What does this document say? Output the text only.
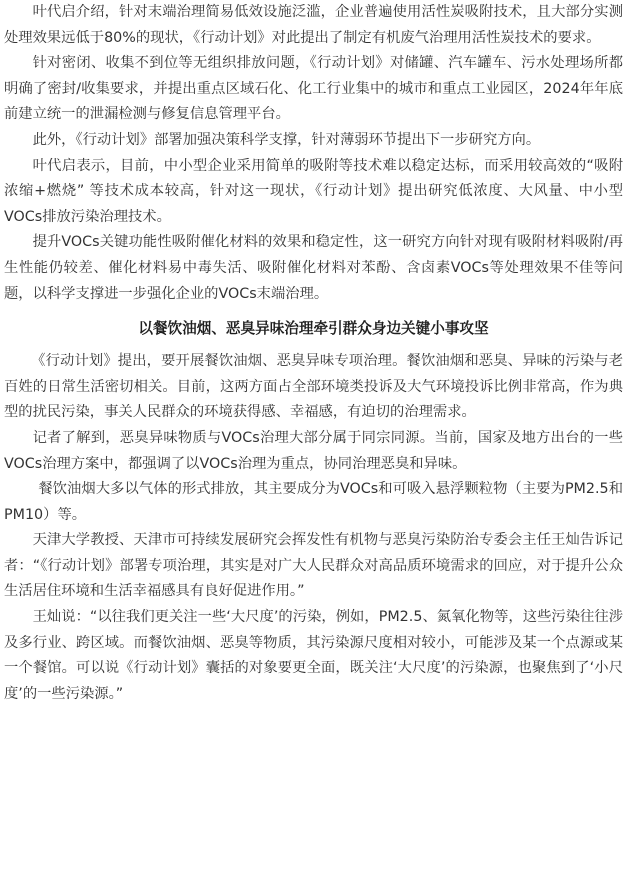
叶代启介绍，针对末端治理简易低效设施泛滥，企业普遍使用活性炭吸附技术，且大部分实测处理效果远低于80%的现状，《行动计划》对此提出了制定有机废气治理用活性炭技术的要求。

针对密闭、收集不到位等无组织排放问题，《行动计划》对储罐、汽车罐车、污水处理场所都明确了密封/收集要求，并提出重点区域石化、化工行业集中的城市和重点工业园区，2024年年底前建立统一的泄漏检测与修复信息管理平台。

此外，《行动计划》部署加强决策科学支撑，针对薄弱环节提出下一步研究方向。

叶代启表示，目前，中小型企业采用简单的吸附等技术难以稳定达标，而采用较高效的“吸附浓缩+燃烧” 等技术成本较高，针对这一现状，《行动计划》提出研究低浓度、大风量、中小型VOCs排放污染治理技术。

提升VOCs关键功能性吸附催化材料的效果和稳定性，这一研究方向针对现有吸附材料吸附/再生性能仍较差、催化材料易中毒失活、吸附催化材料对苯酚、含卤素VOCs等处理效果不佳等问题，以科学支撑进一步强化企业的VOCs末端治理。

以餐饮油烟、恶臭异味治理牵引群众身边关键小事攻坚

《行动计划》提出，要开展餐饮油烟、恶臭异味专项治理。餐饮油烟和恶臭、异味的污染与老百姓的日常生活密切相关。目前，这两方面占全部环境类投诉及大气环境投诉比例非常高，作为典型的扰民污染，事关人民群众的环境获得感、幸福感，有迫切的治理需求。

记者了解到，恶臭异味物质与VOCs治理大部分属于同宗同源。当前，国家及地方出台的一些VOCs治理方案中，都强调了以VOCs治理为重点，协同治理恶臭和异味。

餐饮油烟大多以气体的形式排放，其主要成分为VOCs和可吸入悬浮颗粒物（主要为PM2.5和PM10）等。

天津大学教授、天津市可持续发展研究会挥发性有机物与恶臭污染防治专委会主任王灿告诉记者：“《行动计划》部署专项治理，其实是对广大人民群众对高品质环境需求的回应，对于提升公众生活居住环境和生活幸福感具有良好促进作用。”

王灿说：“以往我们更关注一些‘大尺度’的污染，例如，PM2.5、氮氧化物等，这些污染往往涉及多行业、跨区域。而餐饮油烟、恶臭等物质，其污染源尺度相对较小，可能涉及某一个点源或某一个餐馆。可以说《行动计划》囊括的对象要更全面，既关注‘大尺度’的污染源，也聚焦到了‘小尺度’的一些污染源。”
